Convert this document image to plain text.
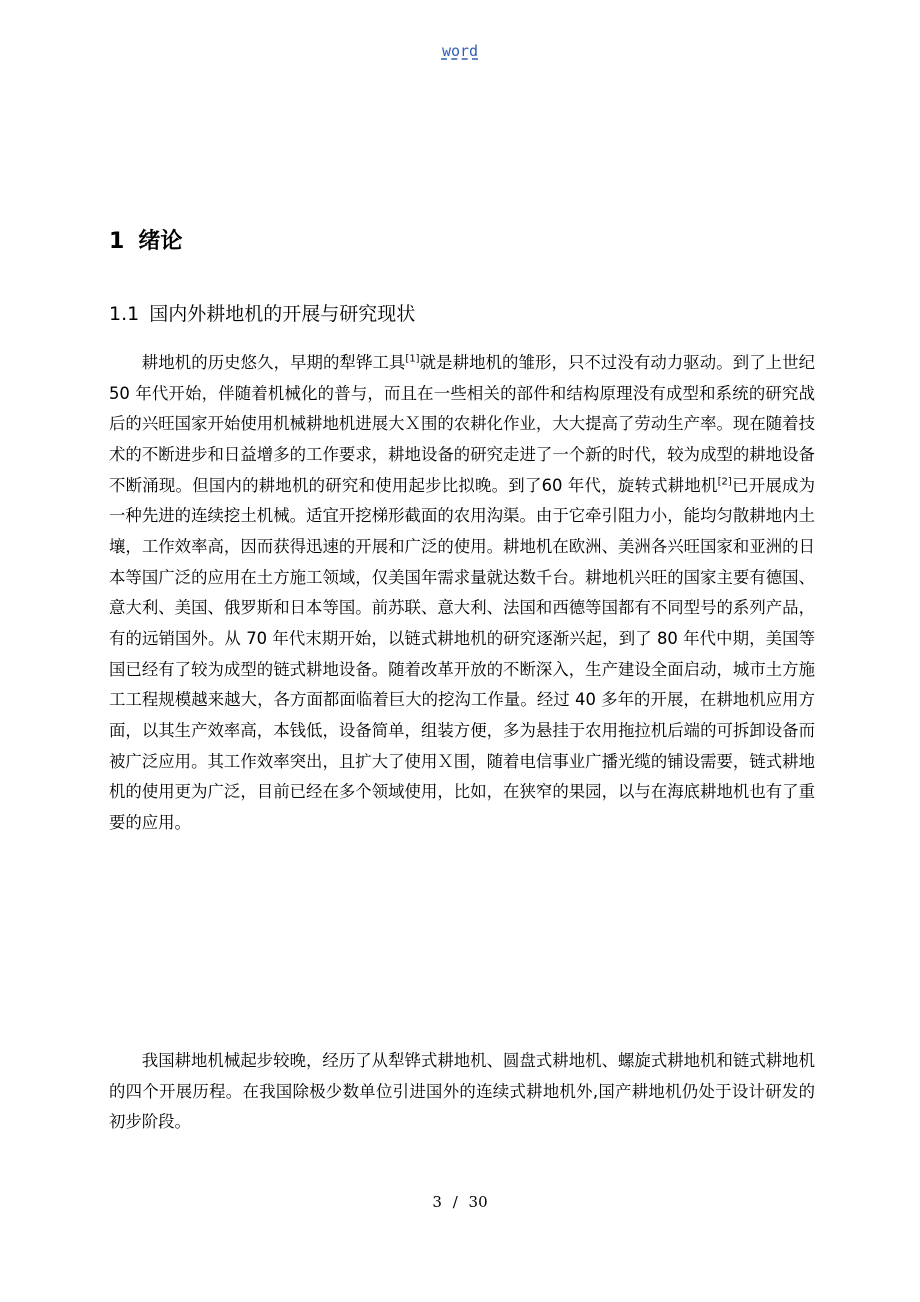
word
1 绪论
1.1 国内外耕地机的开展与研究现状

耕地机的历史悠久，早期的犁铧工具[1]就是耕地机的雏形，只不过没有动力驱动。到了上世纪 50 年代开始，伴随着机械化的普与，而且在一些相关的部件和结构原理没有成型和系统的研究战后的兴旺国家开始使用机械耕地机进展大Ｘ围的农耕化作业，大大提高了劳动生产率。现在随着技术的不断进步和日益增多的工作要求，耕地设备的研究走进了一个新的时代，较为成型的耕地设备不断涌现。但国内的耕地机的研究和使用起步比拟晚。到了60 年代，旋转式耕地机[2]已开展成为一种先进的连续挖土机械。适宜开挖梯形截面的农用沟渠。由于它牵引阻力小，能均匀散耕地内土壤，工作效率高，因而获得迅速的开展和广泛的使用。耕地机在欧洲、美洲各兴旺国家和亚洲的日本等国广泛的应用在土方施工领域，仅美国年需求量就达数千台。耕地机兴旺的国家主要有德国、意大利、美国、俄罗斯和日本等国。前苏联、意大利、法国和西德等国都有不同型号的系列产品，有的远销国外。从 70 年代末期开始，以链式耕地机的研究逐渐兴起，到了 80 年代中期，美国等国已经有了较为成型的链式耕地设备。随着改革开放的不断深入，生产建设全面启动，城市土方施工工程规模越来越大，各方面都面临着巨大的挖沟工作量。经过 40 多年的开展，在耕地机应用方面，以其生产效率高，本钱低，设备简单，组装方便，多为悬挂于农用拖拉机后端的可拆卸设备而被广泛应用。其工作效率突出，且扩大了使用Ｘ围，随着电信事业广播光缆的铺设需要，链式耕地机的使用更为广泛，目前已经在多个领域使用，比如，在狭窄的果园，以与在海底耕地机也有了重要的应用。

我国耕地机械起步较晚，经历了从犁铧式耕地机、圆盘式耕地机、螺旋式耕地机和链式耕地机的四个开展历程。在我国除极少数单位引进国外的连续式耕地机外,国产耕地机仍处于设计研发的初步阶段。

3 / 30
